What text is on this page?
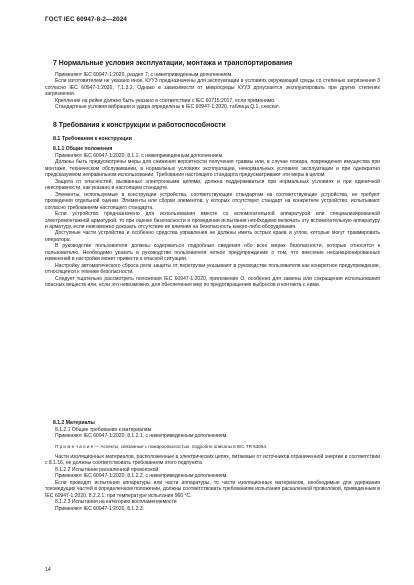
ГОСТ IEC 60947-8-2—2024
7 Нормальные условия эксплуатации, монтажа и транспортирования

Применяют IEC 60947-1:2020, раздел 7, с нижеприведенным дополнением.

Если изготовителем не указано иное, КУУЗ предназначены для эксплуатации в условиях окружающей среды со степенью загрязнения 3 согласно IEC 60947-1:2020, 7.1.3.2. Однако в зависимости от микросреды КУУЗ допускается эксплуатировать при других степенях загрязнения.

Крепление на рейке должно быть указано в соответствии с IEC 60715:2017, если применимо.

Стандартные условия вибрации и удара определены в IEC 60947-1:2020, таблица Q.1, сноска⁶.

8 Требования к конструкции и работоспособности
8.1 Требования к конструкции
8.1.1 Общие положения

Применяют IEC 60947-1:2020, 8.1.1, с нижеприведенным дополнением.

Должны быть предусмотрены меры для снижения вероятности получения травмы или, в случае пожара, повреждения имущества при монтаже, техническом обслуживании, в нормальных условиях эксплуатации, ненормальных условиях эксплуатации и при однократно предсказуемом неправильном использовании. Требования настоящего стандарта предусматривают эти меры в целом.

Защита от опасностей, вызванных электронными цепями, должна поддерживаться при нормальных условиях и при единичной неисправности, как указано в настоящем стандарте.

Элементы, используемые в конструкции устройства, соответствующие стандартам на соответствующие устройства, не требуют проведения отдельной оценки. Элементы или сборки элементов, у которых отсутствует стандарт на конкретное устройство, испытывают согласно требованиям настоящего стандарта.

Если устройство предназначено для использования вместе со вспомогательной аппаратурой или специализированной электромонтажной арматурой, то при оценке безопасности и проведении испытания необходимо включать эту вспомогательную аппаратуру и арматуру, если невозможно доказать отсутствие ее влияния на безопасность какого-либо оборудования.

Доступные части устройства и особенно средства управления не должны иметь острых краев и углов, которые могут травмировать оператора.

В руководстве пользователя должны содержаться подробные сведения обо всех мерах безопасности, которые относятся к пользователю. Необходимо указать в руководстве пользователя четкое предупреждение о том, что внесение несанкционированных изменений в настройки может привести к опасной ситуации.

Настройку автоматического сброса реле защиты от перегрузки указывают в руководстве пользователя как конкретное предупреждение, относящееся к технике безопасности.

Следует тщательно рассмотреть положения IEC 60947-1:2020, приложение O, особенно для замены или сокращения использования опасных веществ или, если это невозможно, для обеспечения мер по предотвращению выбросов и контакта с ними.

8.1.2 Материалы

8.1.2.1 Общие требования к материалам

Применяют IEC 60947-1:2020, 8.1.2.1, с нижеприведенным дополнением.

П р и м е ч а н и е — Аспекты, связанные с пожароопасностью, подробно описаны в IEC TR 63054.

Части изоляционных материалов, расположенные в электрических цепях, питаемые от источников ограниченной энергии в соответствии с 8.1.16, не должны соответствовать требованиям этого подпункта.

8.1.2.2 Испытание раскаленной проволокой

Применяют IEC 60947-1:2020, 8.1.2.2, с нижеприведенным дополнением.

Если проводят испытания аппаратуры или части аппаратуры, то части изоляционных материалов, необходимые для удержания токоведущих частей в определенном положении, должны соответствовать требованиям испытания раскаленной проволокой, приведенным в IEC 60947-1:2020, 8.2.2.1, при температуре испытания 960 °C.

8.1.2.3 Испытания на категорию воспламеняемости

Применяют IEC 60947-1:2020, 8.1.2.3.

14
